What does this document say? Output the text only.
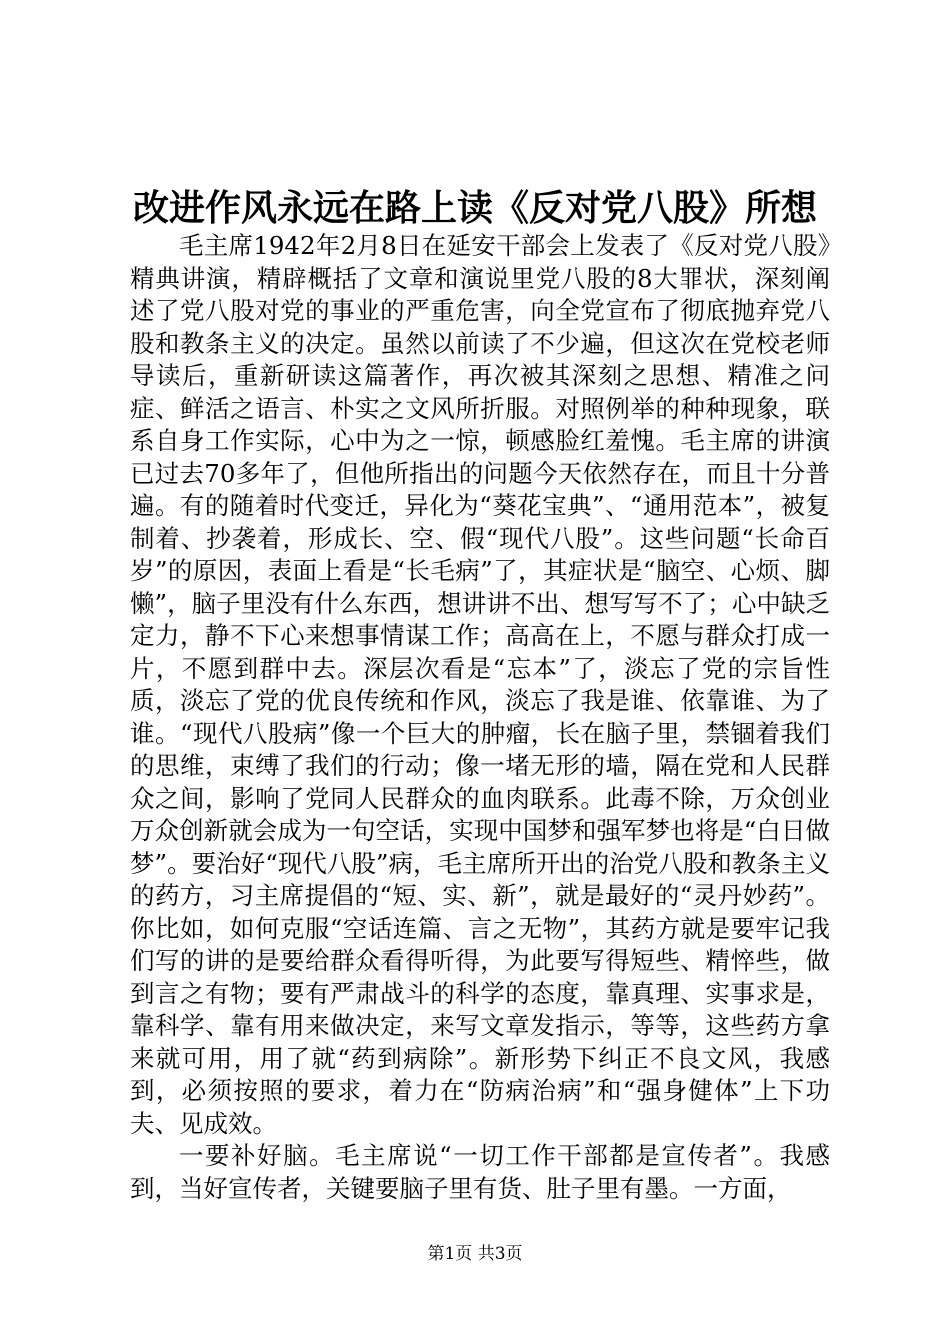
改进作风永远在路上读《反对党八股》所想

毛主席1942年2月8日在延安干部会上发表了《反对党八股》精典讲演，精辟概括了文章和演说里党八股的8大罪状，深刻阐述了党八股对党的事业的严重危害，向全党宣布了彻底抛弃党八股和教条主义的决定。虽然以前读了不少遍，但这次在党校老师导读后，重新研读这篇著作，再次被其深刻之思想、精准之问症、鲜活之语言、朴实之文风所折服。对照例举的种种现象，联系自身工作实际，心中为之一惊，顿感脸红羞愧。毛主席的讲演已过去70多年了，但他所指出的问题今天依然存在，而且十分普遍。有的随着时代变迁，异化为“葵花宝典”、“通用范本”，被复制着、抄袭着，形成长、空、假“现代八股”。这些问题“长命百岁”的原因，表面上看是“长毛病”了，其症状是“脑空、心烦、脚懒”，脑子里没有什么东西，想讲讲不出、想写写不了；心中缺乏定力，静不下心来想事情谋工作；高高在上，不愿与群众打成一片，不愿到群中去。深层次看是“忘本”了，淡忘了党的宗旨性质，淡忘了党的优良传统和作风，淡忘了我是谁、依靠谁、为了谁。“现代八股病”像一个巨大的肿瘤，长在脑子里，禁锢着我们的思维，束缚了我们的行动；像一堵无形的墙，隔在党和人民群众之间，影响了党同人民群众的血肉联系。此毒不除，万众创业万众创新就会成为一句空话，实现中国梦和强军梦也将是“白日做梦”。要治好“现代八股”病，毛主席所开出的治党八股和教条主义的药方，习主席提倡的“短、实、新”，就是最好的“灵丹妙药”。你比如，如何克服“空话连篇、言之无物”，其药方就是要牢记我们写的讲的是要给群众看得听得，为此要写得短些、精悴些，做到言之有物；要有严肃战斗的科学的态度，靠真理、实事求是，靠科学、靠有用来做决定，来写文章发指示，等等，这些药方拿来就可用，用了就“药到病除”。新形势下纠正不良文风，我感到，必须按照的要求，着力在“防病治病”和“强身健体”上下功夫、见成效。

一要补好脑。毛主席说“一切工作干部都是宣传者”。我感到，当好宣传者，关键要脑子里有货、肚子里有墨。一方面，

第1页 共3页
